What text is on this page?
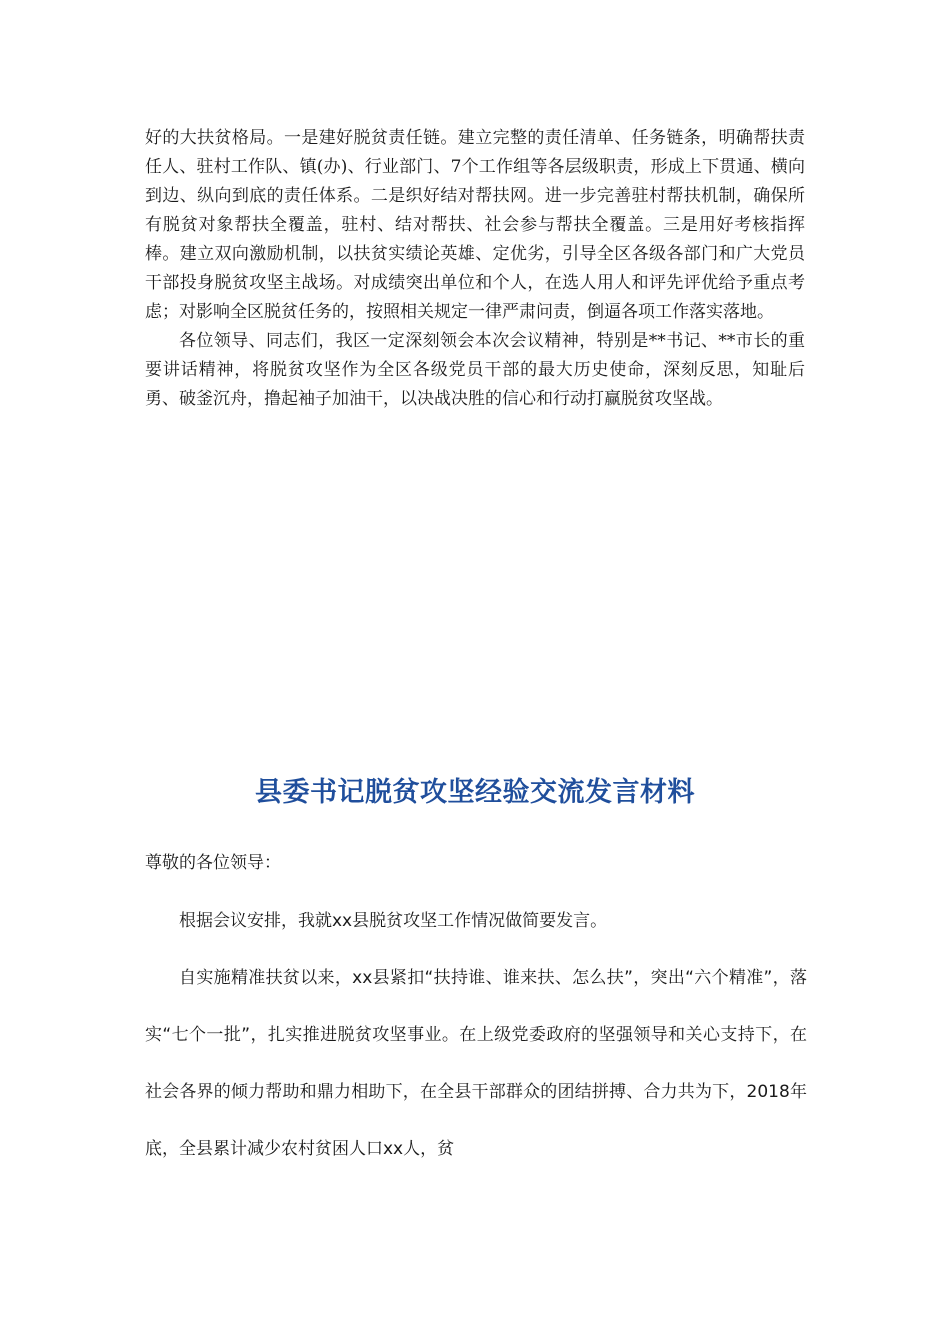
好的大扶贫格局。一是建好脱贫责任链。建立完整的责任清单、任务链条，明确帮扶责任人、驻村工作队、镇(办)、行业部门、7个工作组等各层级职责，形成上下贯通、横向到边、纵向到底的责任体系。二是织好结对帮扶网。进一步完善驻村帮扶机制，确保所有脱贫对象帮扶全覆盖，驻村、结对帮扶、社会参与帮扶全覆盖。三是用好考核指挥棒。建立双向激励机制，以扶贫实绩论英雄、定优劣，引导全区各级各部门和广大党员干部投身脱贫攻坚主战场。对成绩突出单位和个人，在选人用人和评先评优给予重点考虑；对影响全区脱贫任务的，按照相关规定一律严肃问责，倒逼各项工作落实落地。

各位领导、同志们，我区一定深刻领会本次会议精神，特别是**书记、**市长的重要讲话精神，将脱贫攻坚作为全区各级党员干部的最大历史使命，深刻反思，知耻后勇、破釜沉舟，撸起袖子加油干，以决战决胜的信心和行动打赢脱贫攻坚战。

县委书记脱贫攻坚经验交流发言材料

尊敬的各位领导：

根据会议安排，我就xx县脱贫攻坚工作情况做简要发言。

自实施精准扶贫以来，xx县紧扣“扶持谁、谁来扶、怎么扶”，突出“六个精准”，落实“七个一批”，扎实推进脱贫攻坚事业。在上级党委政府的坚强领导和关心支持下，在社会各界的倾力帮助和鼎力相助下，在全县干部群众的团结拼搏、合力共为下，2018年底，全县累计减少农村贫困人口xx人，贫
